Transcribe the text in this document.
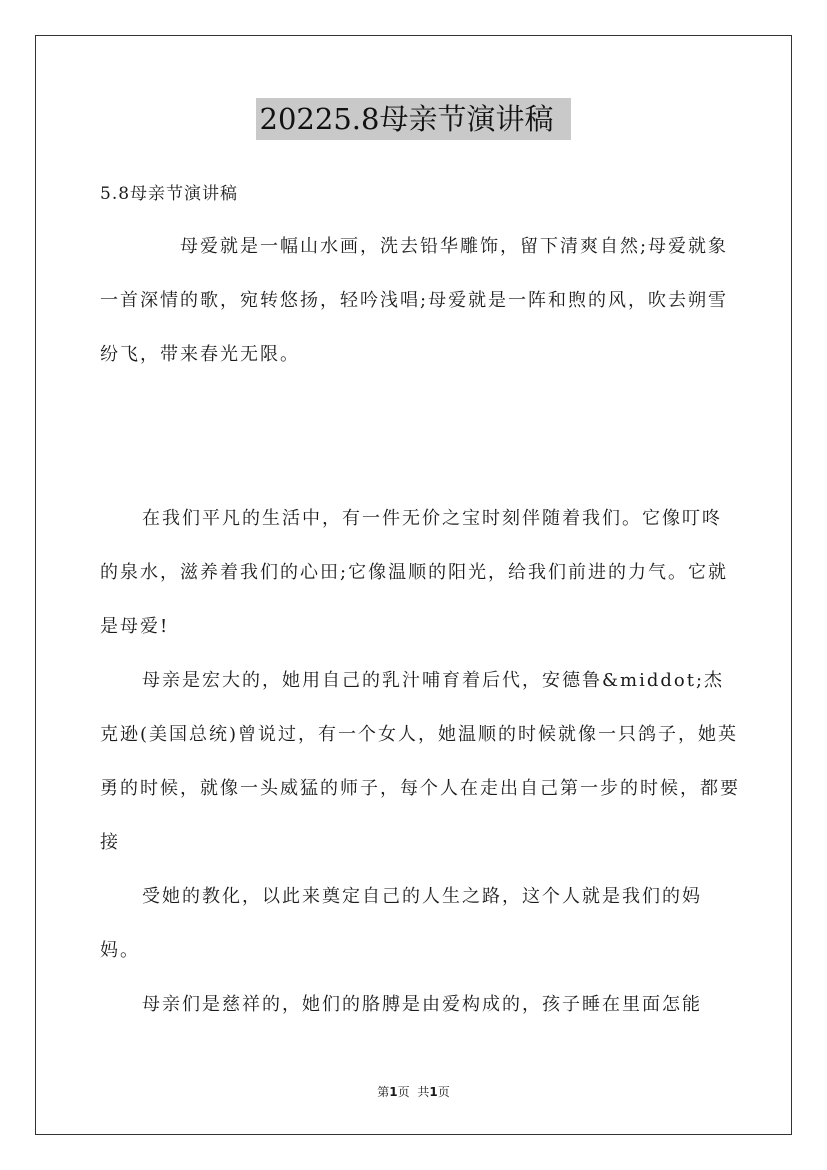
20225.8母亲节演讲稿
5.8母亲节演讲稿

母爱就是一幅山水画，洗去铅华雕饰，留下清爽自然;母爱就象一首深情的歌，宛转悠扬，轻吟浅唱;母爱就是一阵和煦的风，吹去朔雪纷飞，带来春光无限。

在我们平凡的生活中，有一件无价之宝时刻伴随着我们。它像叮咚的泉水，滋养着我们的心田;它像温顺的阳光，给我们前进的力气。它就是母爱!

母亲是宏大的，她用自己的乳汁哺育着后代，安德鲁&middot;杰克逊(美国总统)曾说过，有一个女人，她温顺的时候就像一只鸽子，她英勇的时候，就像一头威猛的师子，每个人在走出自己第一步的时候，都要接

受她的教化，以此来奠定自己的人生之路，这个人就是我们的妈妈。

母亲们是慈祥的，她们的胳膊是由爱构成的，孩子睡在里面怎能

第1页 共1页
